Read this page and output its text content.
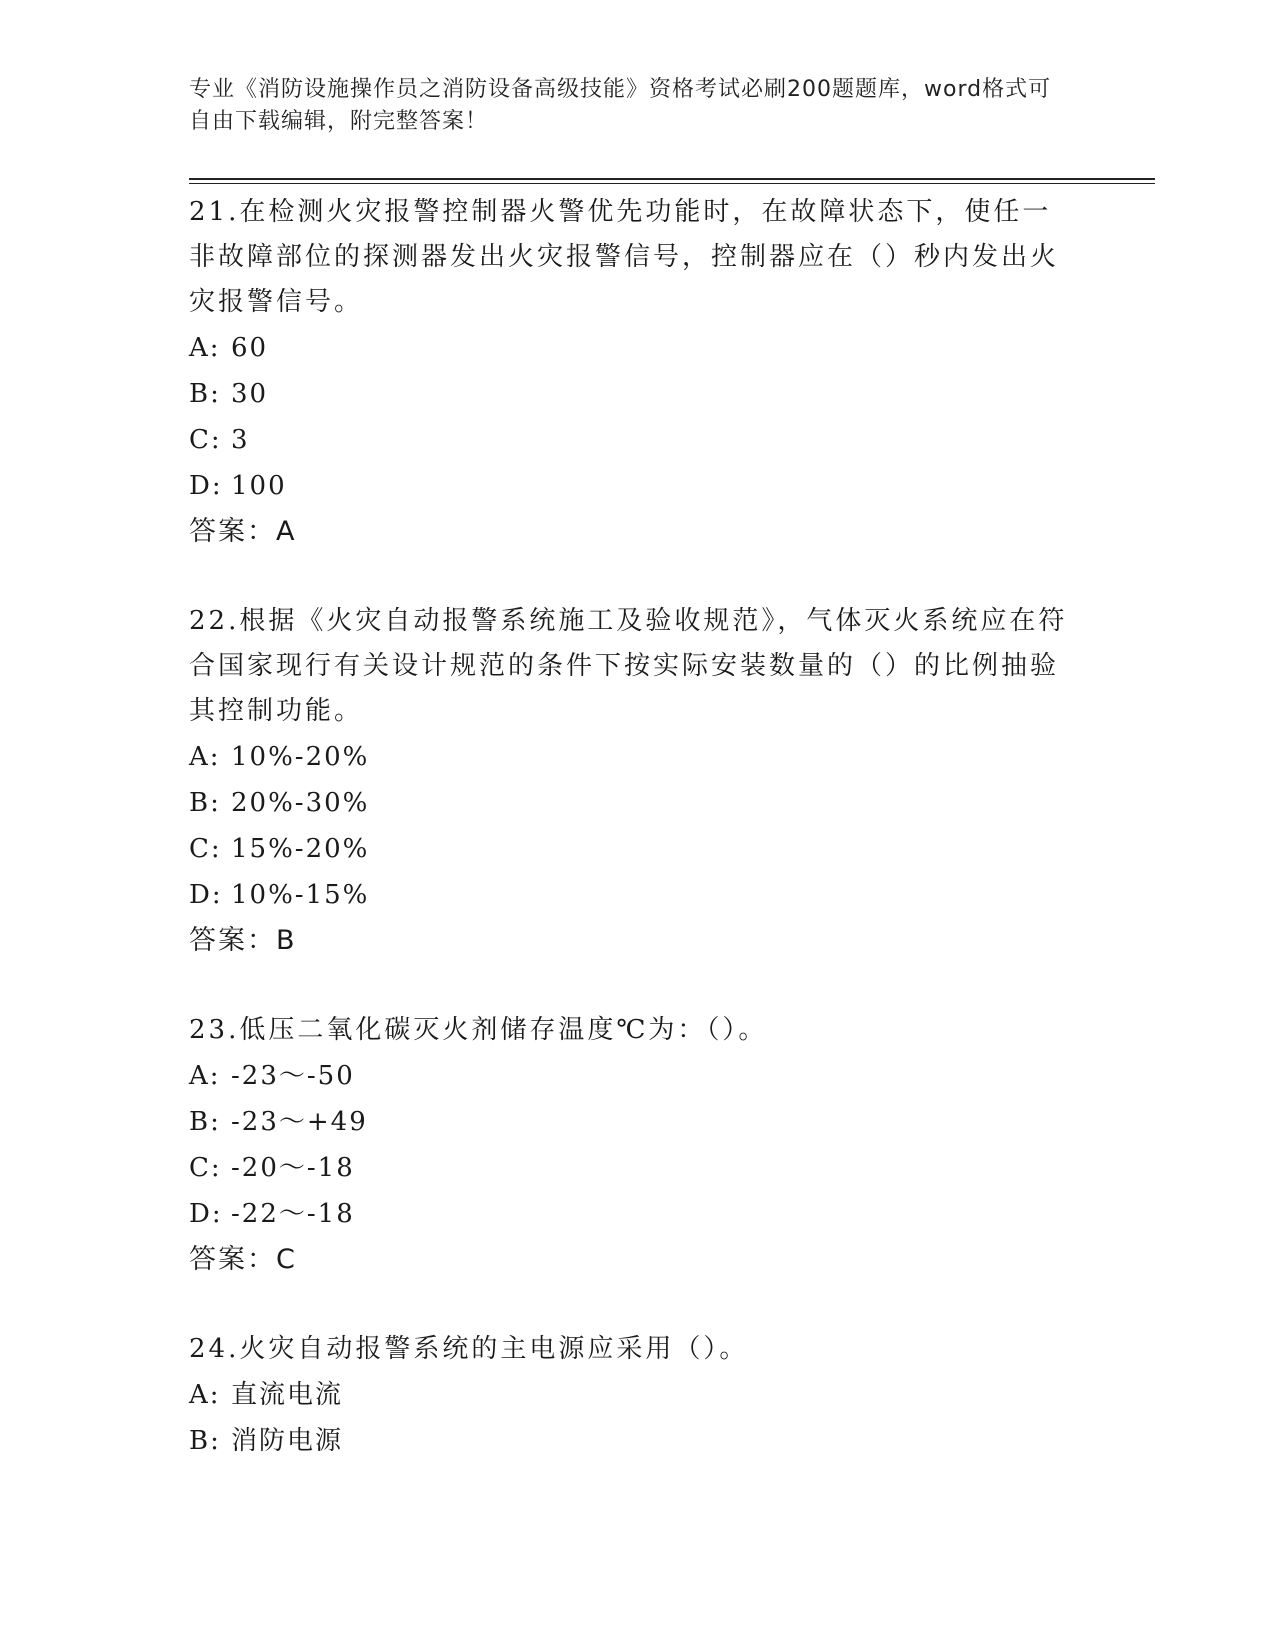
专业《消防设施操作员之消防设备高级技能》资格考试必刷200题题库，word格式可自由下载编辑，附完整答案！
21.在检测火灾报警控制器火警优先功能时，在故障状态下，使任一非故障部位的探测器发出火灾报警信号，控制器应在（）秒内发出火灾报警信号。
A: 60
B: 30
C: 3
D: 100
答案：A
22.根据《火灾自动报警系统施工及验收规范》，气体灭火系统应在符合国家现行有关设计规范的条件下按实际安装数量的（）的比例抽验其控制功能。
A: 10%-20%
B: 20%-30%
C: 15%-20%
D: 10%-15%
答案：B
23.低压二氧化碳灭火剂储存温度℃为：（）。
A: -23～-50
B: -23～+49
C: -20～-18
D: -22～-18
答案：C
24.火灾自动报警系统的主电源应采用（）。
A: 直流电流
B: 消防电源
